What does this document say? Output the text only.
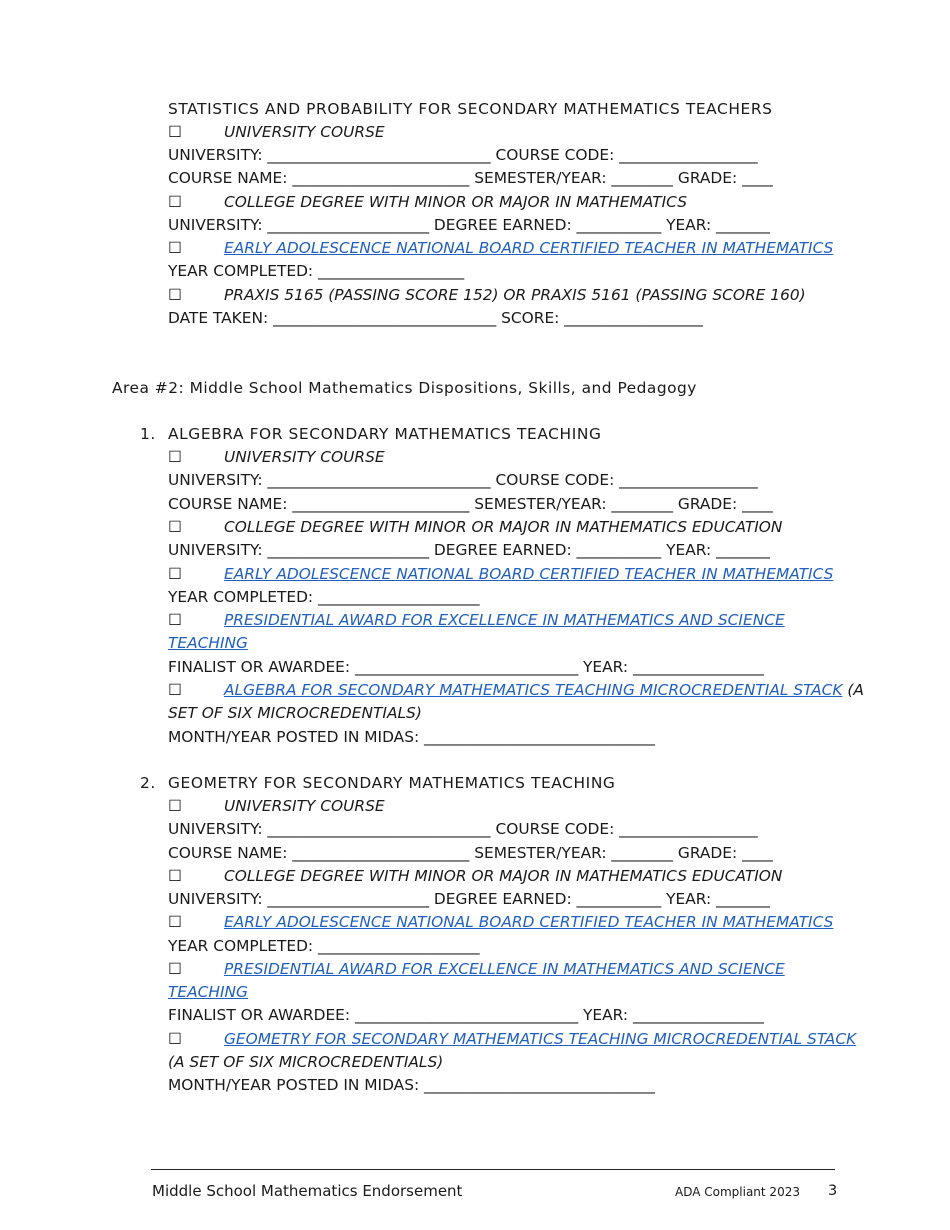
STATISTICS AND PROBABILITY FOR SECONDARY MATHEMATICS TEACHERS
☐	UNIVERSITY COURSE
UNIVERSITY: _____________________________ COURSE CODE: __________________
COURSE NAME: _______________________ SEMESTER/YEAR: ________ GRADE: ____
☐	COLLEGE DEGREE WITH MINOR OR MAJOR IN MATHEMATICS
UNIVERSITY: _____________________ DEGREE EARNED: ___________ YEAR: _______
☐	EARLY ADOLESCENCE NATIONAL BOARD CERTIFIED TEACHER IN MATHEMATICS
YEAR COMPLETED: ___________________
☐	PRAXIS 5165 (PASSING SCORE 152) OR PRAXIS 5161 (PASSING SCORE 160)
DATE TAKEN: _____________________________ SCORE: __________________
Area #2: Middle School Mathematics Dispositions, Skills, and Pedagogy
1. ALGEBRA FOR SECONDARY MATHEMATICS TEACHING
☐	UNIVERSITY COURSE
UNIVERSITY: _____________________________ COURSE CODE: __________________
COURSE NAME: _______________________ SEMESTER/YEAR: ________ GRADE: ____
☐	COLLEGE DEGREE WITH MINOR OR MAJOR IN MATHEMATICS EDUCATION
UNIVERSITY: _____________________ DEGREE EARNED: ___________ YEAR: _______
☐	EARLY ADOLESCENCE NATIONAL BOARD CERTIFIED TEACHER IN MATHEMATICS
YEAR COMPLETED: _____________________
☐	PRESIDENTIAL AWARD FOR EXCELLENCE IN MATHEMATICS AND SCIENCE
TEACHING
FINALIST OR AWARDEE: _____________________________ YEAR: _________________
☐	ALGEBRA FOR SECONDARY MATHEMATICS TEACHING MICROCREDENTIAL STACK (A
SET OF SIX MICROCREDENTIALS)
MONTH/YEAR POSTED IN MIDAS: ______________________________
2. GEOMETRY FOR SECONDARY MATHEMATICS TEACHING
☐	UNIVERSITY COURSE
UNIVERSITY: _____________________________ COURSE CODE: __________________
COURSE NAME: _______________________ SEMESTER/YEAR: ________ GRADE: ____
☐	COLLEGE DEGREE WITH MINOR OR MAJOR IN MATHEMATICS EDUCATION
UNIVERSITY: _____________________ DEGREE EARNED: ___________ YEAR: _______
☐	EARLY ADOLESCENCE NATIONAL BOARD CERTIFIED TEACHER IN MATHEMATICS
YEAR COMPLETED: _____________________
☐	PRESIDENTIAL AWARD FOR EXCELLENCE IN MATHEMATICS AND SCIENCE
TEACHING
FINALIST OR AWARDEE: _____________________________ YEAR: _________________
☐	GEOMETRY FOR SECONDARY MATHEMATICS TEACHING MICROCREDENTIAL STACK
(A SET OF SIX MICROCREDENTIALS)
MONTH/YEAR POSTED IN MIDAS: ______________________________
Middle School Mathematics Endorsement	ADA Compliant 2023 3
